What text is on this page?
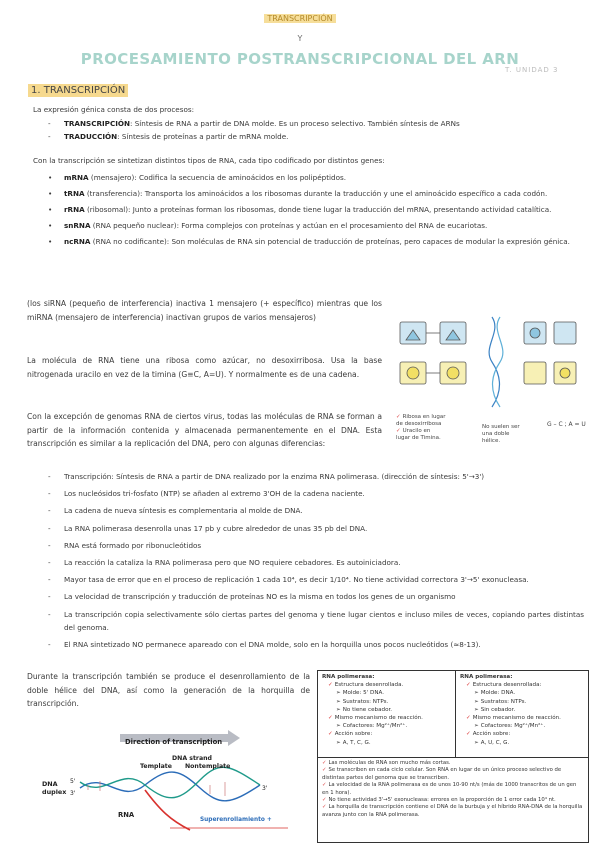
TRANSCRIPCIÓN
Y
PROCESAMIENTO POSTRANSCRIPCIONAL DEL ARN
T. UNIDAD 3
1. TRANSCRIPCIÓN
La expresión génica consta de dos procesos:
- TRANSCRIPCIÓN: Síntesis de RNA a partir de DNA molde. Es un proceso selectivo. También síntesis de ARNs
- TRADUCCIÓN: Síntesis de proteínas a partir de mRNA molde.
Con la transcripción se sintetizan distintos tipos de RNA, cada tipo codificado por distintos genes:
• mRNA (mensajero): Codifica la secuencia de aminoácidos en los polipéptidos.
• tRNA (transferencia): Transporta los aminoácidos a los ribosomas durante la traducción y une el aminoácido específico a cada codón.
• rRNA (ribosomal): Junto a proteínas forman los ribosomas, donde tiene lugar la traducción del mRNA, presentando actividad catalítica.
• snRNA (RNA pequeño nuclear): Forma complejos con proteínas y actúan en el procesamiento del RNA de eucariotas.
• ncRNA (RNA no codificante): Son moléculas de RNA sin potencial de traducción de proteínas, pero capaces de modular la expresión génica.
(los siRNA (pequeño de interferencia) inactiva 1 mensajero (+ específico) mientras que los miRNA (mensajero de interferencia) inactivan grupos de varios mensajeros)
La molécula de RNA tiene una ribosa como azúcar, no desoxirribosa. Usa la base nitrogenada uracilo en vez de la timina (G≡C, A=U). Y normalmente es de una cadena.
Con la excepción de genomas RNA de ciertos virus, todas las moléculas de RNA se forman a partir de la información contenida y almacenada permanentemente en el DNA. Esta transcripción es similar a la replicación del DNA, pero con algunas diferencias:
✓ Ribosa en lugar de desoxirribosa
✓ Uracilo en lugar de Timina.
No suelen ser una doble hélice.
G – C ; A = U
- Transcripción: Síntesis de RNA a partir de DNA realizado por la enzima RNA polimerasa. (dirección de síntesis: 5'→3')
- Los nucleósidos tri-fosfato (NTP) se añaden al extremo 3'OH de la cadena naciente.
- La cadena de nueva síntesis es complementaria al molde de DNA.
- La RNA polimerasa desenrolla unas 17 pb y cubre alrededor de unas 35 pb del DNA.
- RNA está formado por ribonucleótidos
- La reacción la cataliza la RNA polimerasa pero que NO requiere cebadores. Es autoiniciadora.
- Mayor tasa de error que en el proceso de replicación 1 cada 10⁴, es decir 1/10⁴. No tiene actividad correctora 3'→5' exonucleasa.
- La velocidad de transcripción y traducción de proteínas NO es la misma en todos los genes de un organismo
- La transcripción copia selectivamente sólo ciertas partes del genoma y tiene lugar cientos e incluso miles de veces, copiando partes distintas del genoma.
- El RNA sintetizado NO permanece apareado con el DNA molde, solo en la horquilla unos pocos nucleótidos (≈8-13).
Durante la transcripción también se produce el desenrollamiento de la doble hélice del DNA, así como la generación de la horquilla de transcripción.
Direction of transcription
DNA strand
Template Nontemplate
DNA duplex
5'
3'
3'
RNA
Superenrollamiento +
RNA polimerasa:
✓ Estructura desenrollada.
➢ Molde: 5' DNA.
➢ Sustratos: NTPs.
➢ No tiene cebador.
✓ Mismo mecanismo de reacción.
➢ Cofactores: Mg²⁺/Mn²⁺.
✓ Acción sobre:
➢ A, T, C, G.
RNA polimerasa:
✓ Estructura desenrollada:
➢ Molde: DNA.
➢ Sustratos: NTPs.
➢ Sin cebador.
✓ Mismo mecanismo de reacción.
➢ Cofactores: Mg²⁺/Mn²⁺.
✓ Acción sobre:
➢ A, U, C, G.
✓ Las moléculas de RNA son mucho más cortas.
✓ Se transcriben en cada ciclo celular. Son RNA en lugar de un único proceso selectivo de distintas partes del genoma que se transcriben.
✓ La velocidad de la RNA polimerasa es de unos 10-90 nt/s (más de 1000 transcritos de un gen en 1 hora).
✓ No tiene actividad 3'→5' exonucleasa: errores en la proporción de 1 error cada 10⁴ nt.
✓ La horquilla de transcripción contiene el DNA de la burbuja y el híbrido RNA-DNA de la horquilla avanza junto con la RNA polimerasa.
